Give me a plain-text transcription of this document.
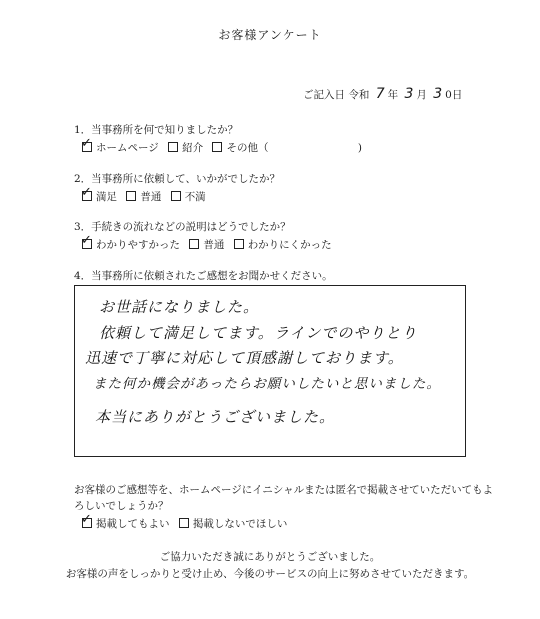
お客様アンケート
ご記入日 令和 7 年 3 月 3 0日
1．当事務所を何で知りましたか？
✓ホームページ 紹介 その他（	)
2．当事務所に依頼して、いかがでしたか？
✓満足 普通 不満
3．手続きの流れなどの説明はどうでしたか？
✓わかりやすかった 普通 わかりにくかった
4．当事務所に依頼されたご感想をお聞かせください。
お世話になりました。
依頼して満足してます。ラインでのやりとり
迅速で丁寧に対応して頂感謝しております。
また何か機会があったらお願いしたいと思いました。
本当にありがとうございました。
お客様のご感想等を、ホームページにイニシャルまたは匿名で掲載させていただいてもよ
ろしいでしょうか？
✓掲載してもよい 掲載しないでほしい
ご協力いただき誠にありがとうございました。
お客様の声をしっかりと受け止め、今後のサービスの向上に努めさせていただきます。
